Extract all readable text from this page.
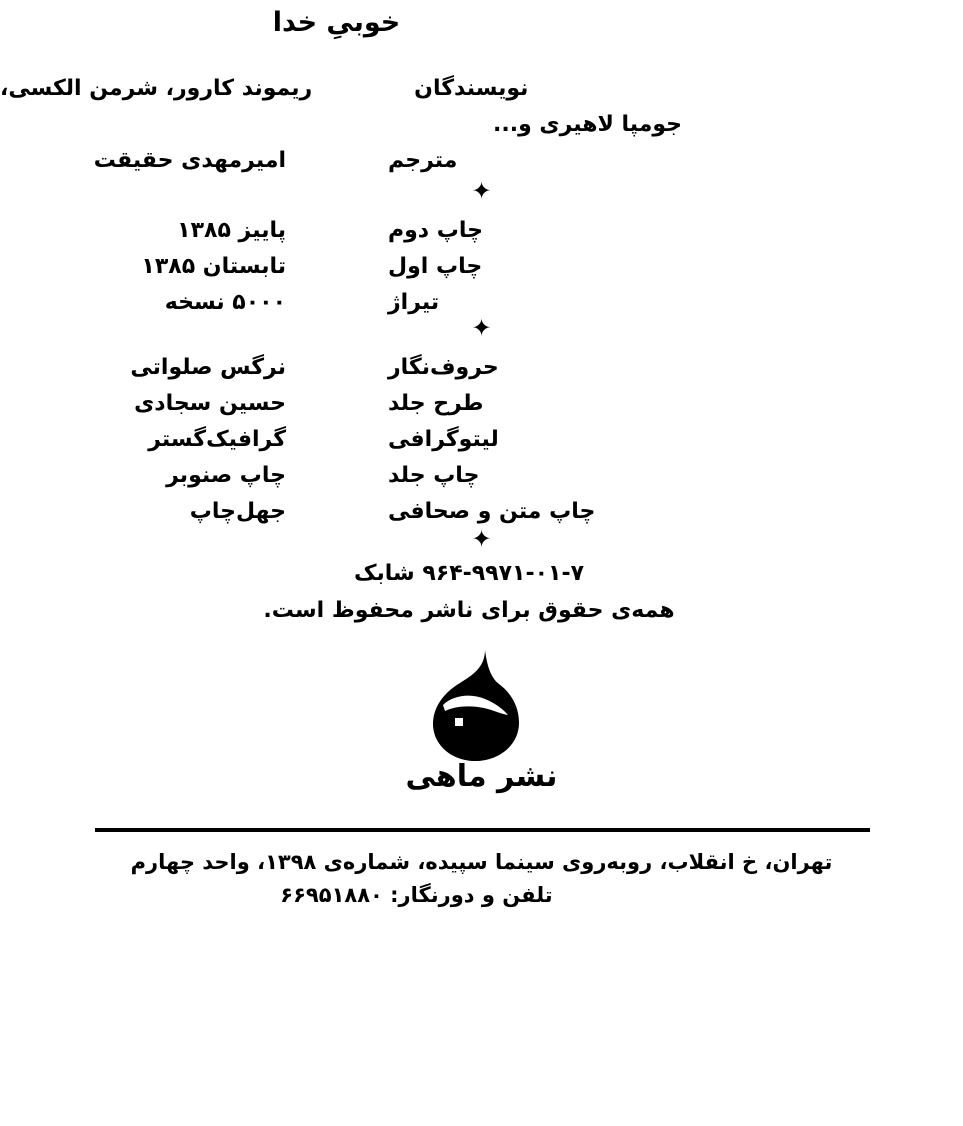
خوبیِ خدا
نویسندگان
ریموند کارور، شرمن الکسی،
جومپا لاهیری و...
مترجم
امیرمهدی حقیقت
✦
چاپ دوم
پاییز ۱۳۸۵
چاپ اول
تابستان ۱۳۸۵
تیراژ
۵۰۰۰ نسخه
✦
حروف‌نگار
نرگس صلواتی
طرح جلد
حسین سجادی
لیتوگرافی
گرافیک‌گستر
چاپ جلد
چاپ صنوبر
چاپ متن و صحافی
جهل‌چاپ
✦
۹۶۴-۹۹۷۱-۰۱-۷ شابک
همه‌ی حقوق برای ناشر محفوظ است.
نشر ماهی
تهران، خ انقلاب، روبه‌روی سینما سپیده، شماره‌ی ۱۳۹۸، واحد چهارم
تلفن و دورنگار: ۶۶۹۵۱۸۸۰
